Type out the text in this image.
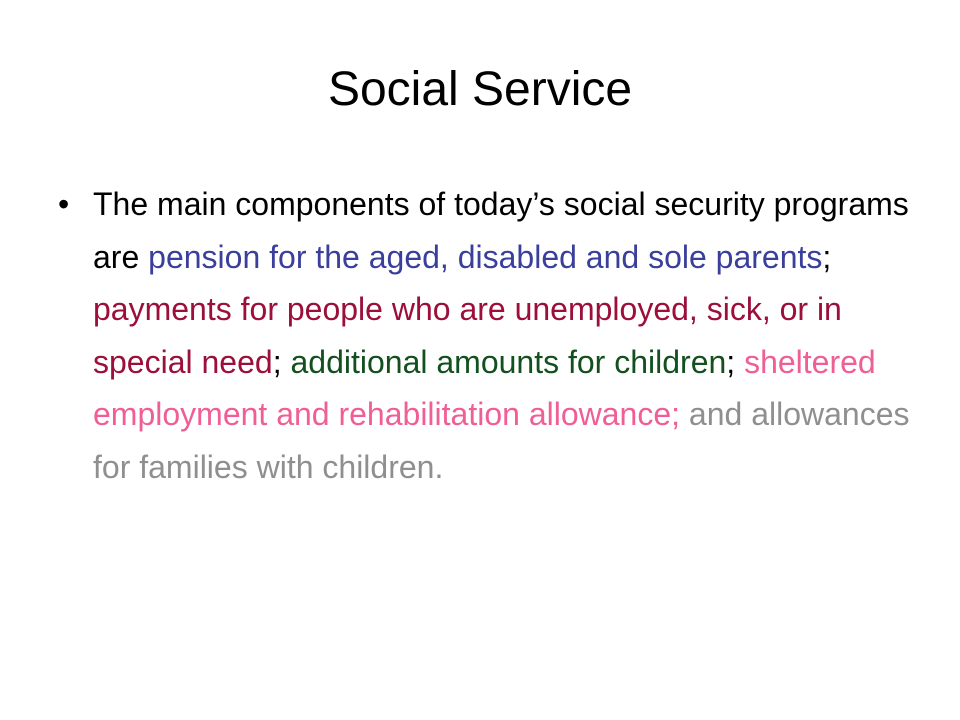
Social Service
• The main components of today’s social security programs are pension for the aged, disabled and sole parents; payments for people who are unemployed, sick, or in special need; additional amounts for children; sheltered employment and rehabilitation allowance; and allowances for families with children.
